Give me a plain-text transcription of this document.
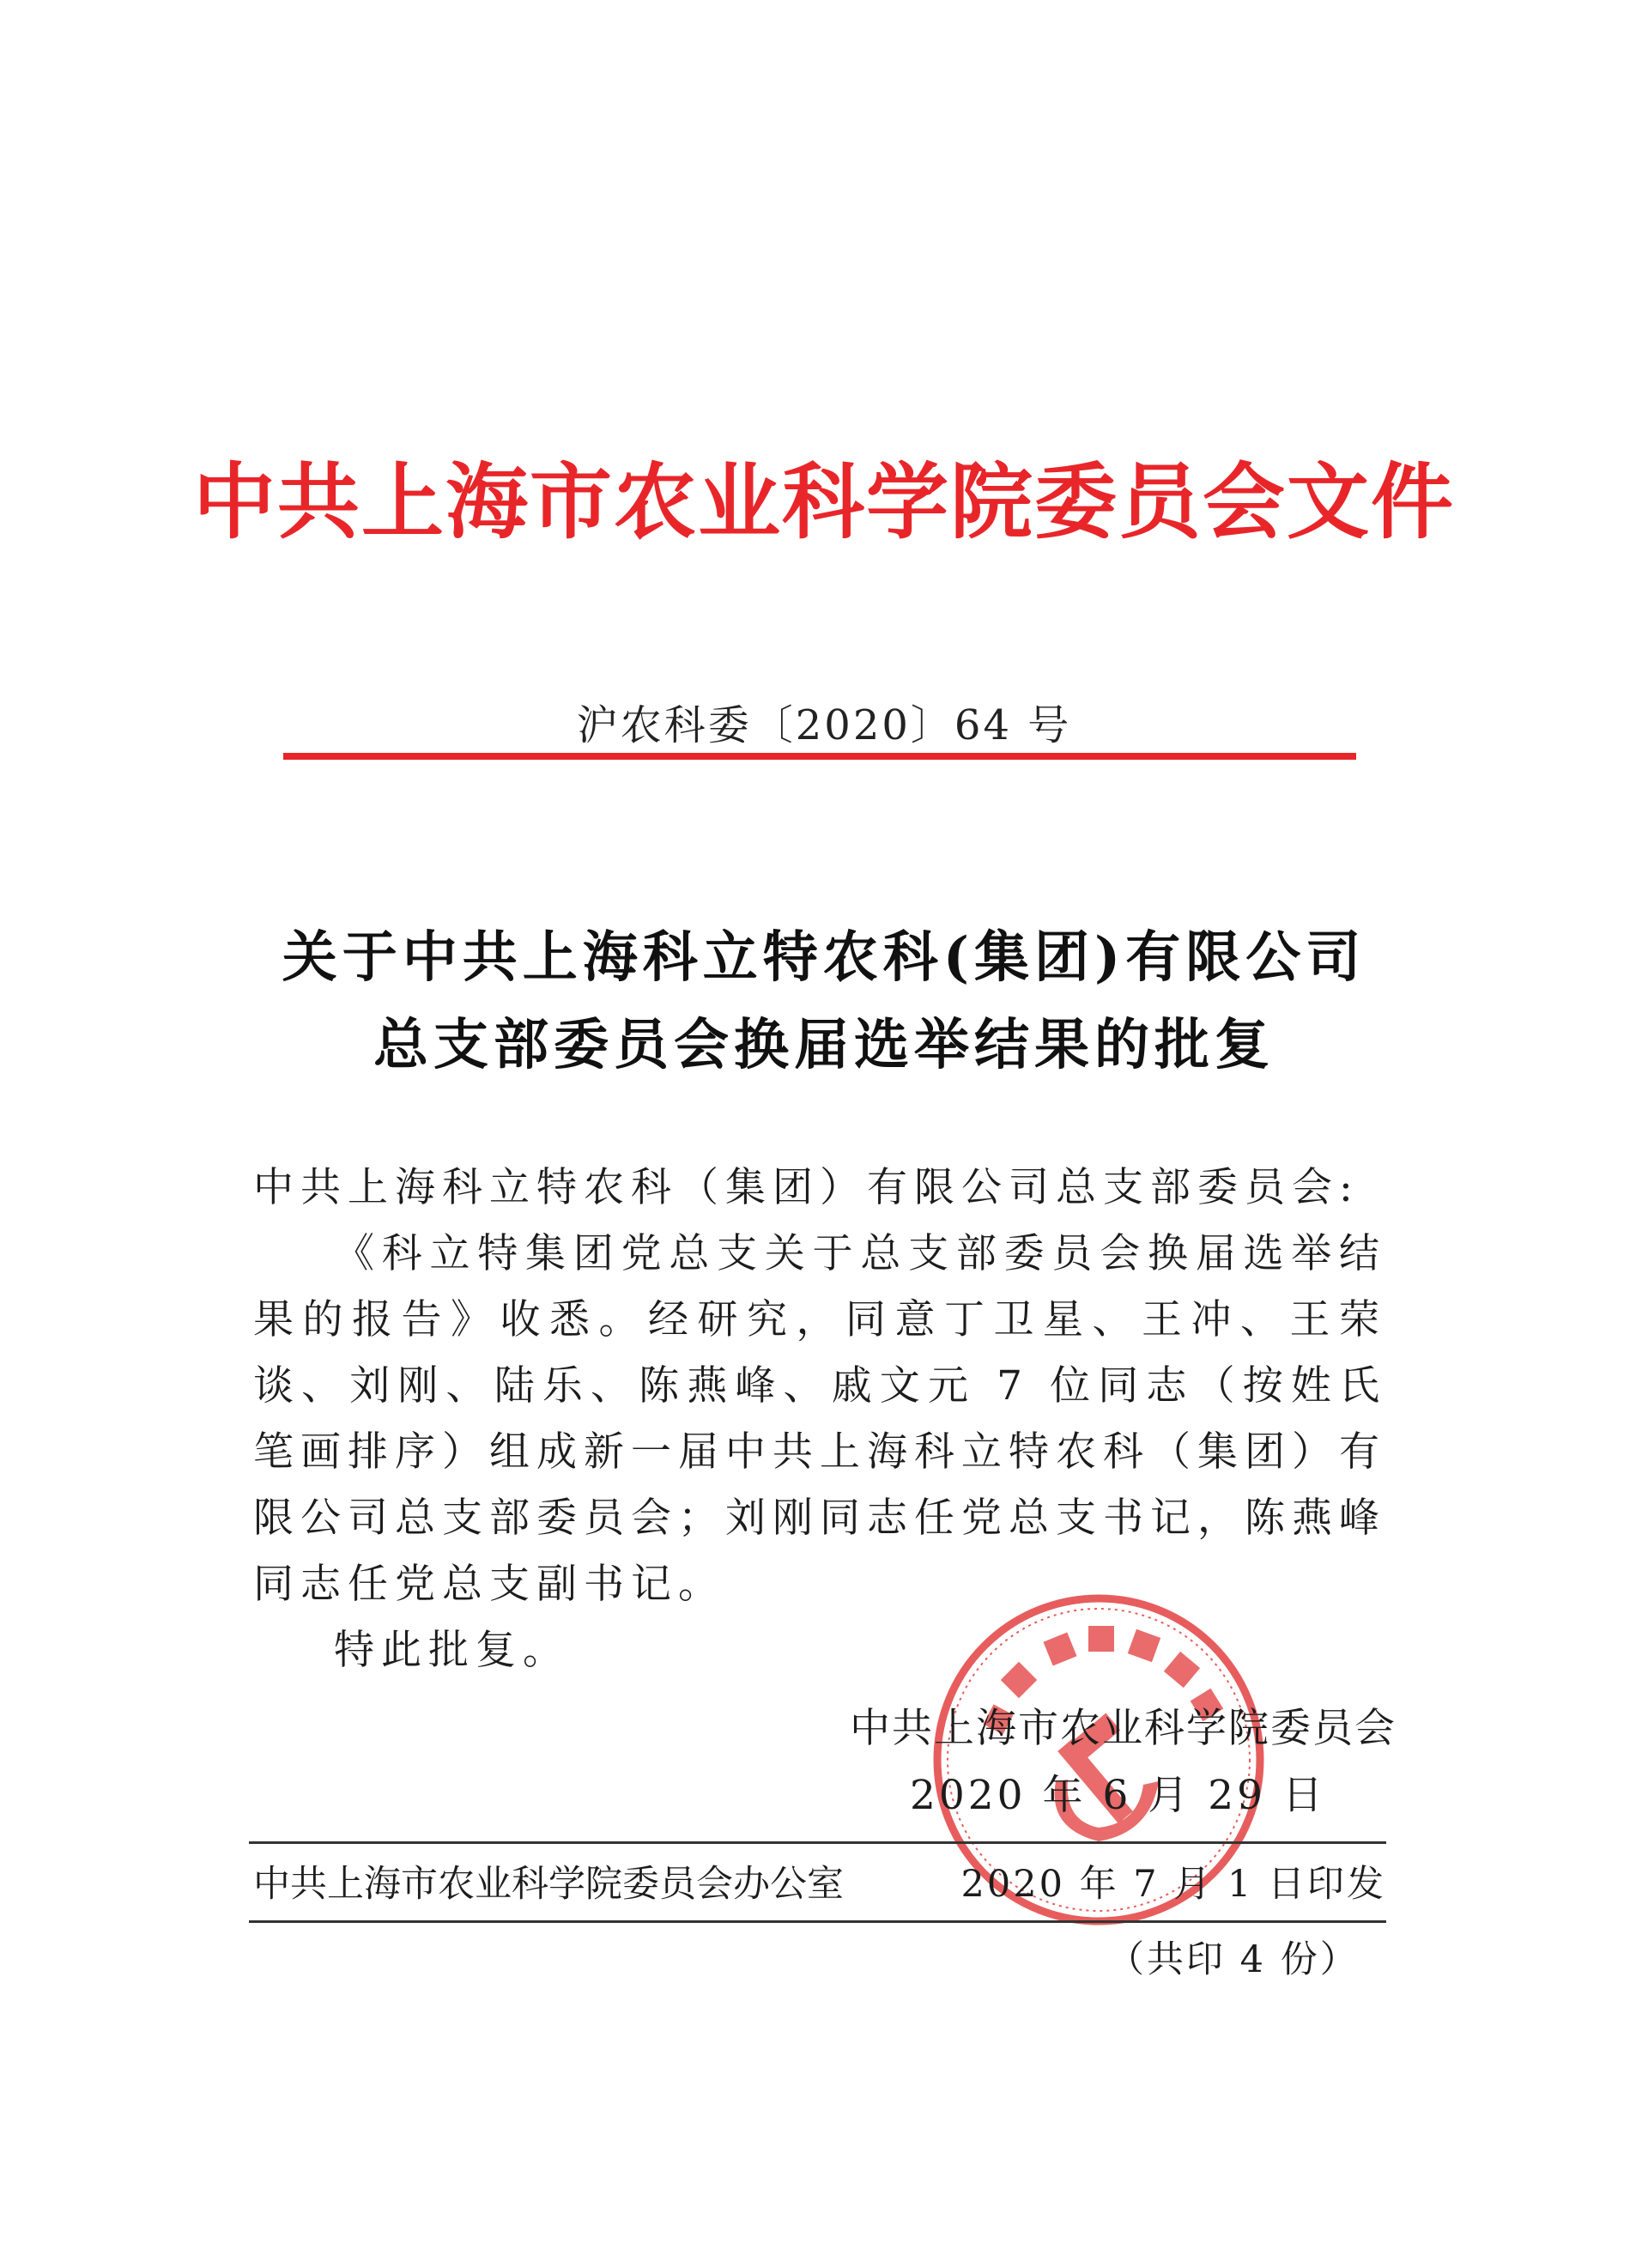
中共上海市农业科学院委员会文件
沪农科委〔2020〕64 号
关于中共上海科立特农科(集团)有限公司
总支部委员会换届选举结果的批复

中共上海科立特农科（集团）有限公司总支部委员会:

《科立特集团党总支关于总支部委员会换届选举结果的报告》收悉。经研究，同意丁卫星、王冲、王荣谈、刘刚、陆乐、陈燕峰、戚文元 7 位同志（按姓氏笔画排序）组成新一届中共上海科立特农科（集团）有限公司总支部委员会；刘刚同志任党总支书记，陈燕峰同志任党总支副书记。

特此批复。

中共上海市农业科学院委员会
2020 年 6 月 29 日
中共上海市农业科学院委员会办公室	2020 年 7 月 1 日印发
（共印 4 份）
